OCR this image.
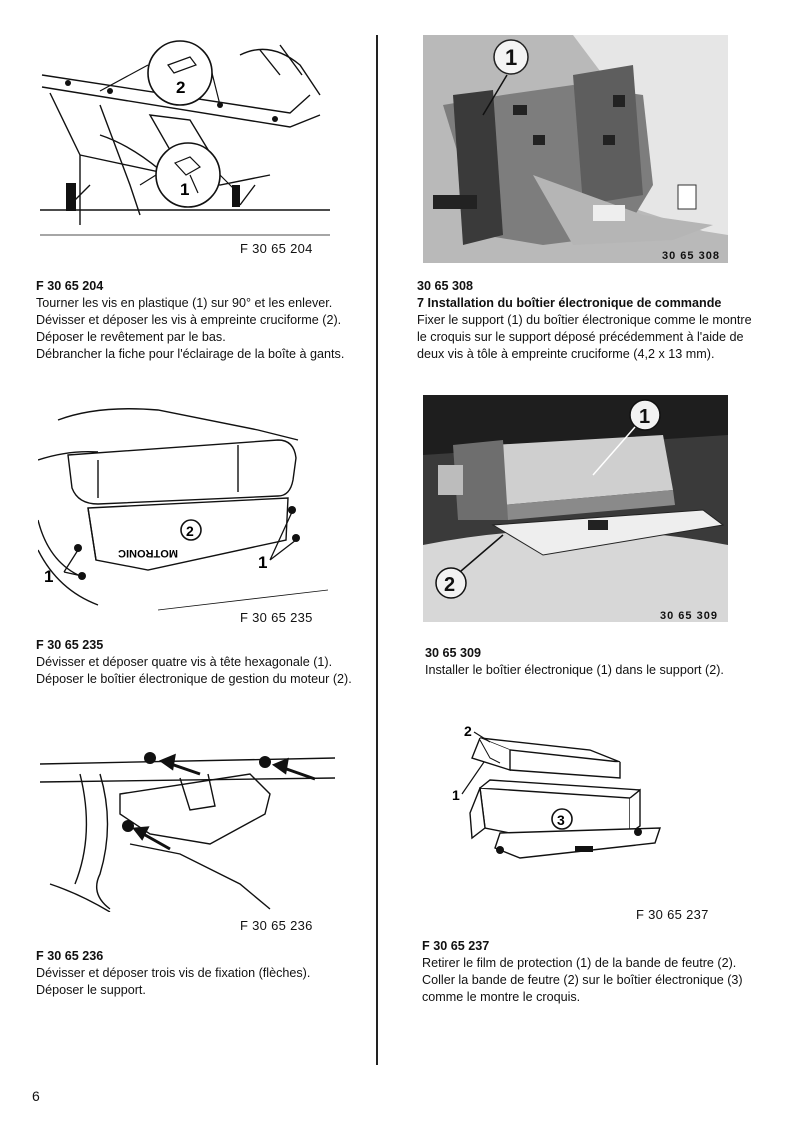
2
1
F 30 65 204
F 30 65 204
Tourner les vis en plastique (1) sur 90° et les enlever.
Dévisser et déposer les vis à empreinte cruciforme (2).
Déposer le revêtement par le bas.
Débrancher la fiche pour l'éclairage de la boîte à gants.
2
MOTRONIC
1
1
F 30 65 235
F 30 65 235
Dévisser et déposer quatre vis à tête hexagonale (1).
Déposer le boîtier électronique de gestion du moteur (2).
F 30 65 236
F 30 65 236
Dévisser et déposer trois vis de fixation (flèches).
Déposer le support.
1
30 65 308
30 65 308
7 Installation du boîtier électronique de commande
Fixer le support (1) du boîtier électronique comme le montre
le croquis sur le support déposé précédemment à l'aide de
deux vis à tôle à empreinte cruciforme (4,2 x 13 mm).
1
2
30 65 309
30 65 309
Installer le boîtier électronique (1) dans le support (2).
3
2
1
F 30 65 237
F 30 65 237
Retirer le film de protection (1) de la bande de feutre (2).
Coller la bande de feutre (2) sur le boîtier électronique (3)
comme le montre le croquis.
6
